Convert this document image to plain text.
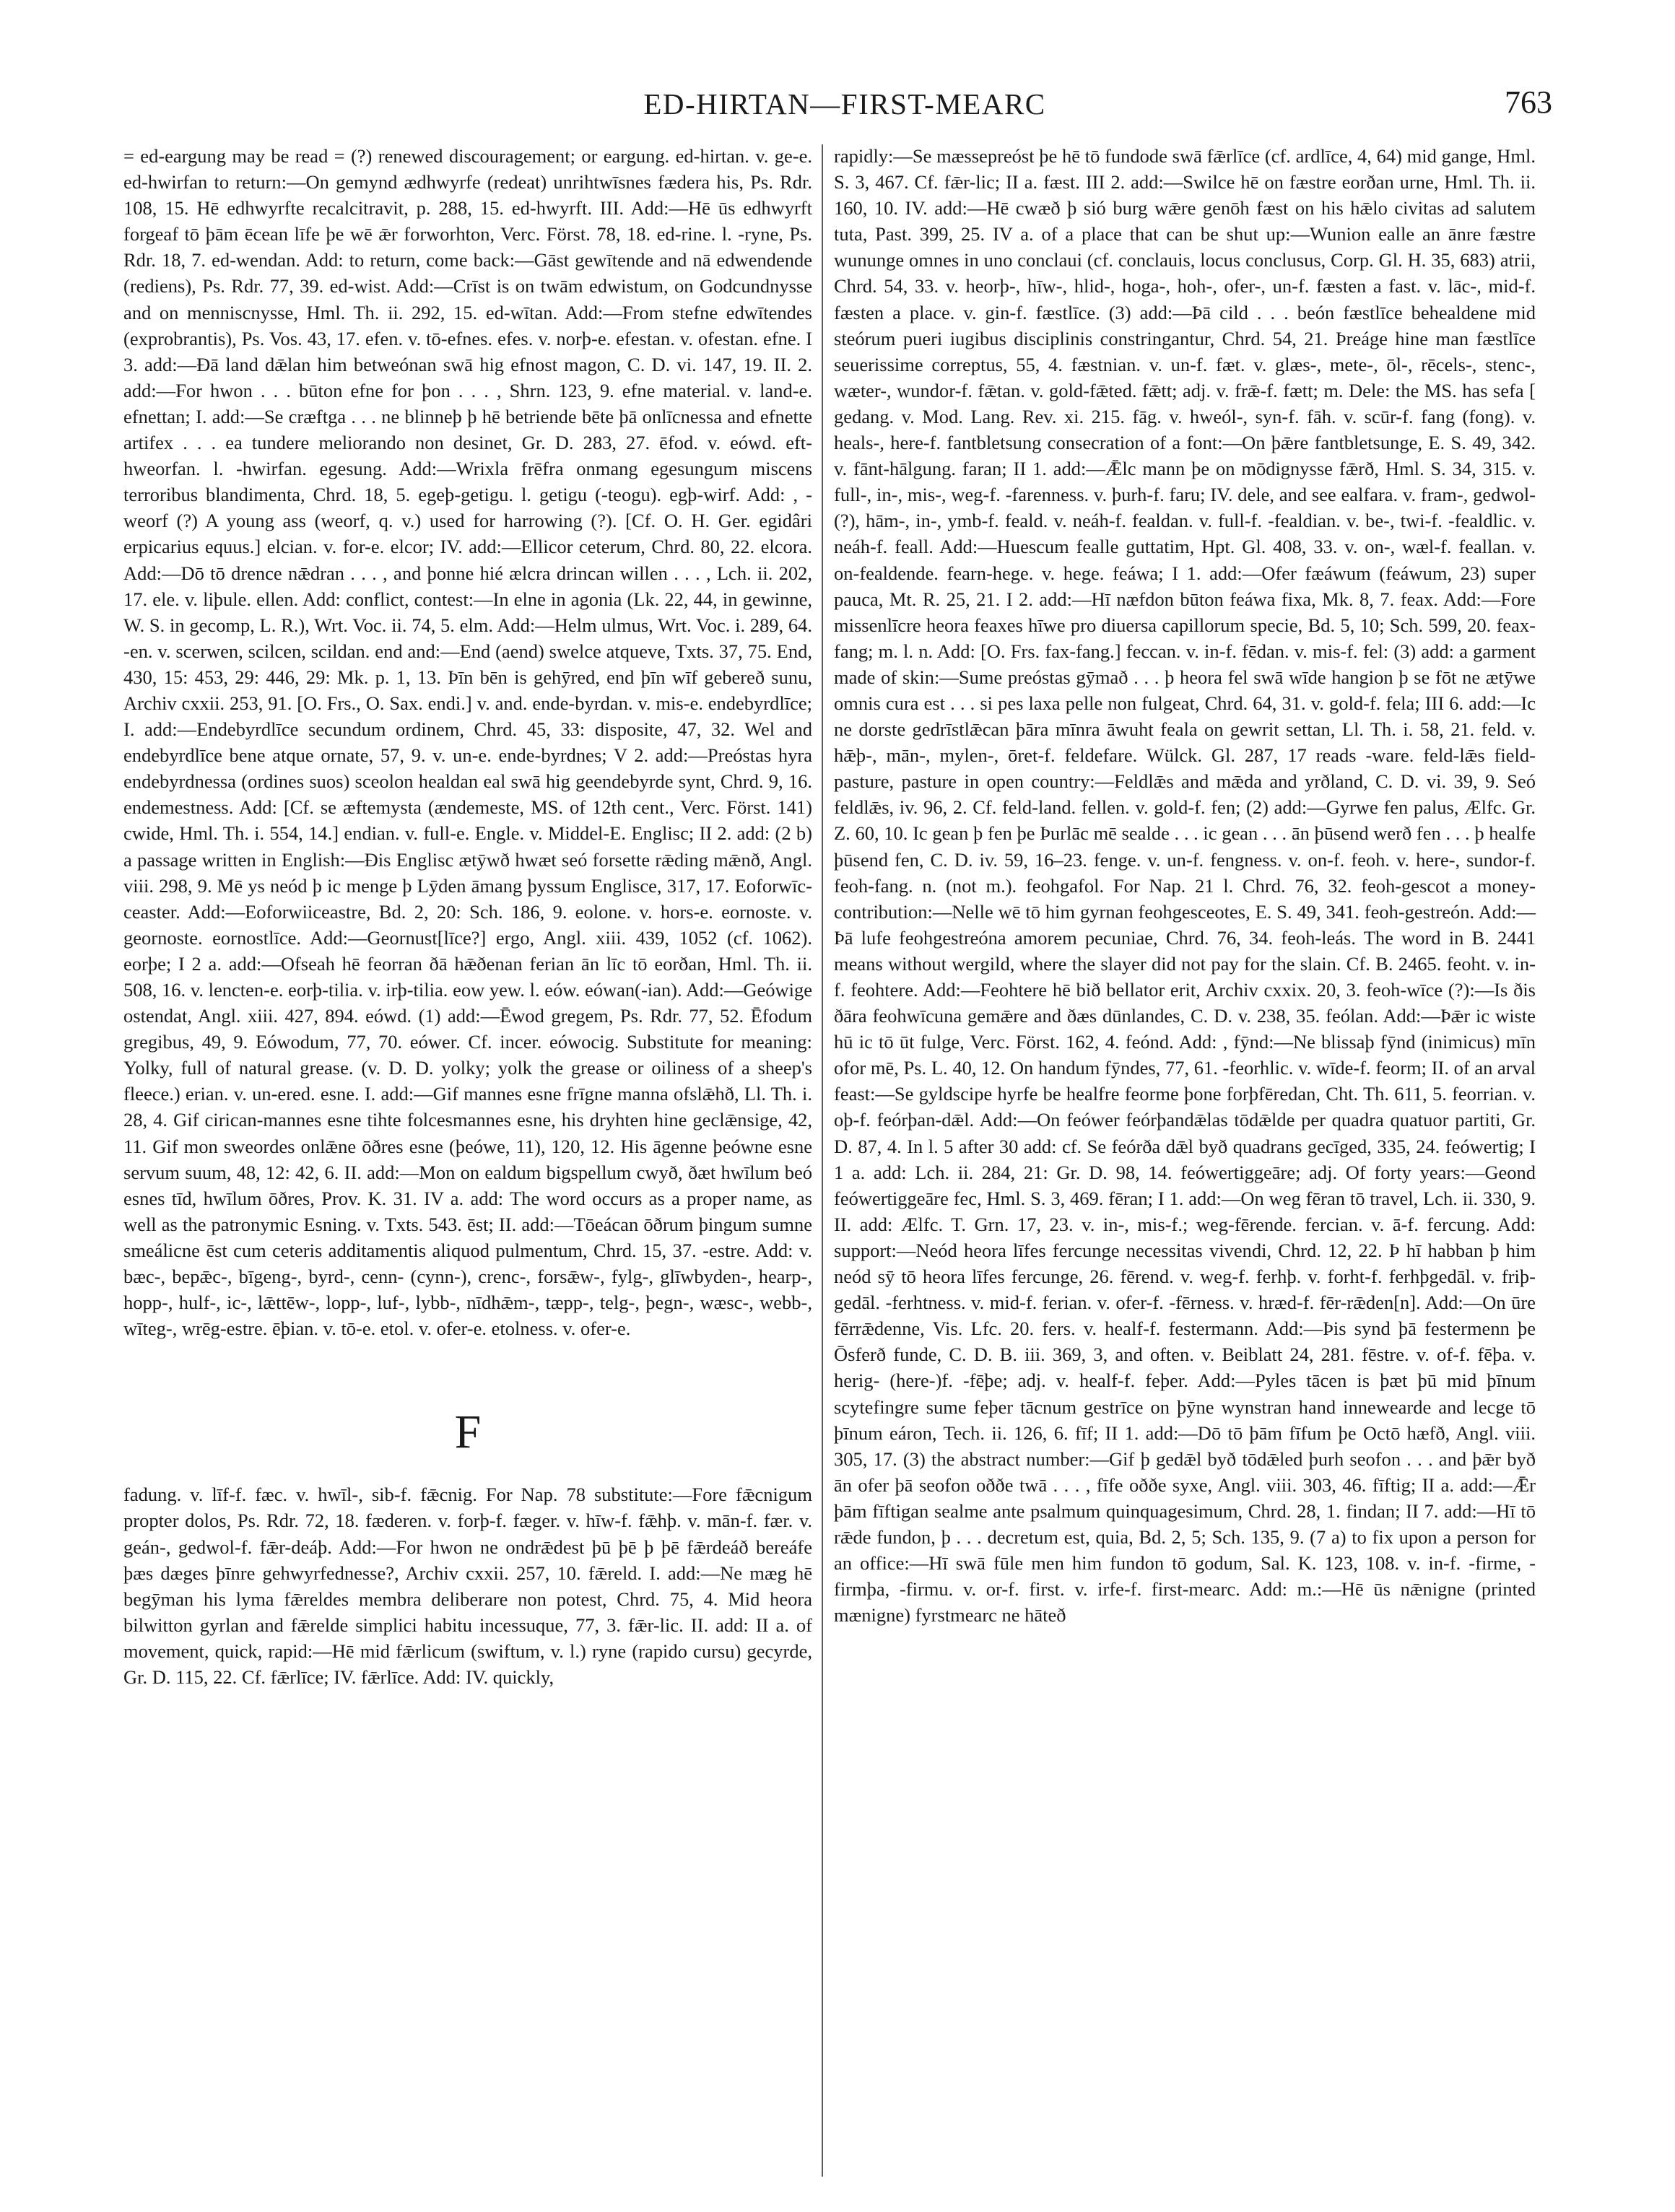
ED-HIRTAN—FIRST-MEARC	763

= ed-eargung may be read = (?) renewed discouragement; or eargung. ed-hirtan. v. ge-e. ed-hwirfan to return:—On gemynd ædhwyrfe (redeat) unrihtwīsnes fædera his, Ps. Rdr. 108, 15. Hē edhwyrfte recalcitravit, p. 288, 15. ed-hwyrft. III. Add:—Hē ūs edhwyrft forgeaf tō þām ēcean līfe þe wē ǣr forworhton, Verc. Först. 78, 18. ed-rine. l. -ryne, Ps. Rdr. 18, 7. ed-wendan. Add: to return, come back:—Gāst gewītende and nā edwendende (rediens), Ps. Rdr. 77, 39. ed-wist. Add:—Crīst is on twām edwistum, on Godcundnysse and on menniscnysse, Hml. Th. ii. 292, 15. ed-wītan. Add:—From stefne edwītendes (exprobrantis), Ps. Vos. 43, 17. efen. v. tō-efnes. efes. v. norþ-e. efestan. v. ofestan. efne. I 3. add:—Đā land dǣlan him betweónan swā hig efnost magon, C. D. vi. 147, 19. II. 2. add:—For hwon . . . būton efne for þon . . . , Shrn. 123, 9. efne material. v. land-e. efnettan; I. add:—Se cræftga . . . ne blinneþ þ hē betriende bēte þā onlīcnessa and efnette artifex . . . ea tundere meliorando non desinet, Gr. D. 283, 27. ēfod. v. eówd. eft-hweorfan. l. -hwirfan. egesung. Add:—Wrixla frēfra onmang egesungum miscens terroribus blandimenta, Chrd. 18, 5. egeþ-getigu. l. getigu (-teogu). egþ-wirf. Add: , -weorf (?) A young ass (weorf, q. v.) used for harrowing (?). [Cf. O. H. Ger. egidâri erpicarius equus.] elcian. v. for-e. elcor; IV. add:—Ellicor ceterum, Chrd. 80, 22. elcora. Add:—Dō tō drence nǣdran . . . , and þonne hié ælcra drincan willen . . . , Lch. ii. 202, 17. ele. v. liþule. ellen. Add: conflict, contest:—In elne in agonia (Lk. 22, 44, in gewinne, W. S. in gecomp, L. R.), Wrt. Voc. ii. 74, 5. elm. Add:—Helm ulmus, Wrt. Voc. i. 289, 64. -en. v. scerwen, scilcen, scildan. end and:—End (aend) swelce atqueve, Txts. 37, 75. End, 430, 15: 453, 29: 446, 29: Mk. p. 1, 13. Þīn bēn is gehȳred, end þīn wīf gebereð sunu, Archiv cxxii. 253, 91. [O. Frs., O. Sax. endi.] v. and. ende-byrdan. v. mis-e. endebyrdlīce; I. add:—Endebyrdlīce secundum ordinem, Chrd. 45, 33: disposite, 47, 32. Wel and endebyrdlīce bene atque ornate, 57, 9. v. un-e. ende-byrdnes; V 2. add:—Preóstas hyra endebyrdnessa (ordines suos) sceolon healdan eal swā hig geendebyrde synt, Chrd. 9, 16. endemestness. Add: [Cf. se æftemysta (ændemeste, MS. of 12th cent., Verc. Först. 141) cwide, Hml. Th. i. 554, 14.] endian. v. full-e. Engle. v. Middel-E. Englisc; II 2. add: (2 b) a passage written in English:—Đis Englisc ætȳwð hwæt seó forsette rǣding mǣnð, Angl. viii. 298, 9. Mē ys neód þ ic menge þ Lȳden āmang þyssum Englisce, 317, 17. Eoforwīc-ceaster. Add:—Eoforwiiceastre, Bd. 2, 20: Sch. 186, 9. eolone. v. hors-e. eornoste. v. geornoste. eornostlīce. Add:—Geornust[līce?] ergo, Angl. xiii. 439, 1052 (cf. 1062). eorþe; I 2 a. add:—Ofseah hē feorran ðā hǣðenan ferian ān līc tō eorðan, Hml. Th. ii. 508, 16. v. lencten-e. eorþ-tilia. v. irþ-tilia. eow yew. l. eów. eówan(-ian). Add:—Geówige ostendat, Angl. xiii. 427, 894. eówd. (1) add:—Ēwod gregem, Ps. Rdr. 77, 52. Ēfodum gregibus, 49, 9. Eówodum, 77, 70. eówer. Cf. incer. eówocig. Substitute for meaning: Yolky, full of natural grease. (v. D. D. yolky; yolk the grease or oiliness of a sheep's fleece.) erian. v. un-ered. esne. I. add:—Gif mannes esne frīgne manna ofslǣhð, Ll. Th. i. 28, 4. Gif cirican-mannes esne tihte folcesmannes esne, his dryhten hine geclǣnsige, 42, 11. Gif mon sweordes onlǣne ōðres esne (þeówe, 11), 120, 12. His āgenne þeówne esne servum suum, 48, 12: 42, 6. II. add:—Mon on ealdum bigspellum cwyð, ðæt hwīlum beó esnes tīd, hwīlum ōðres, Prov. K. 31. IV a. add: The word occurs as a proper name, as well as the patronymic Esning. v. Txts. 543. ēst; II. add:—Tōeácan ōðrum þingum sumne smeálicne ēst cum ceteris additamentis aliquod pulmentum, Chrd. 15, 37. -estre. Add: v. bæc-, bepǣc-, bīgeng-, byrd-, cenn- (cynn-), crenc-, forsǣw-, fylg-, glīwbyden-, hearp-, hopp-, hulf-, ic-, lǣttēw-, lopp-, luf-, lybb-, nīdhǣm-, tæpp-, telg-, þegn-, wæsc-, webb-, wīteg-, wrēg-estre. ēþian. v. tō-e. etol. v. ofer-e. etolness. v. ofer-e.

F

fadung. v. līf-f. fæc. v. hwīl-, sib-f. fǣcnig. For Nap. 78 substitute:—Fore fǣcnigum propter dolos, Ps. Rdr. 72, 18. fæderen. v. forþ-f. fæger. v. hīw-f. fǣhþ. v. mān-f. fær. v. geán-, gedwol-f. fǣr-deáþ. Add:—For hwon ne ondrǣdest þū þē þ þē fǣrdeáð bereáfe þæs dæges þīnre gehwyrfednesse?, Archiv cxxii. 257, 10. fǣreld. I. add:—Ne mæg hē begȳman his lyma fǣreldes membra deliberare non potest, Chrd. 75, 4. Mid heora bilwitton gyrlan and fǣrelde simplici habitu incessuque, 77, 3. fǣr-lic. II. add: II a. of movement, quick, rapid:—Hē mid fǣrlicum (swiftum, v. l.) ryne (rapido cursu) gecyrde, Gr. D. 115, 22. Cf. fǣrlīce; IV. fǣrlīce. Add: IV. quickly,

rapidly:—Se mæssepreóst þe hē tō fundode swā fǣrlīce (cf. ardlīce, 4, 64) mid gange, Hml. S. 3, 467. Cf. fǣr-lic; II a. fæst. III 2. add:—Swilce hē on fæstre eorðan urne, Hml. Th. ii. 160, 10. IV. add:—Hē cwæð þ sió burg wǣre genōh fæst on his hǣlo civitas ad salutem tuta, Past. 399, 25. IV a. of a place that can be shut up:—Wunion ealle an ānre fæstre wununge omnes in uno conclaui (cf. conclauis, locus conclusus, Corp. Gl. H. 35, 683) atrii, Chrd. 54, 33. v. heorþ-, hīw-, hlid-, hoga-, hoh-, ofer-, un-f. fæsten a fast. v. lāc-, mid-f. fæsten a place. v. gin-f. fæstlīce. (3) add:—Þā cild . . . beón fæstlīce behealdene mid steórum pueri iugibus disciplinis constringantur, Chrd. 54, 21. Þreáge hine man fæstlīce seuerissime correptus, 55, 4. fæstnian. v. un-f. fæt. v. glæs-, mete-, ōl-, rēcels-, stenc-, wæter-, wundor-f. fǣtan. v. gold-fǣted. fǣtt; adj. v. frǣ-f. fætt; m. Dele: the MS. has sefa [ gedang. v. Mod. Lang. Rev. xi. 215. fāg. v. hweól-, syn-f. fāh. v. scūr-f. fang (fong). v. heals-, here-f. fantbletsung consecration of a font:—On þǣre fantbletsunge, E. S. 49, 342. v. fānt-hālgung. faran; II 1. add:—Ǣlc mann þe on mōdignysse fǣrð, Hml. S. 34, 315. v. full-, in-, mis-, weg-f. -farenness. v. þurh-f. faru; IV. dele, and see ealfara. v. fram-, gedwol- (?), hām-, in-, ymb-f. feald. v. neáh-f. fealdan. v. full-f. -fealdian. v. be-, twi-f. -fealdlic. v. neáh-f. feall. Add:—Huescum fealle guttatim, Hpt. Gl. 408, 33. v. on-, wæl-f. feallan. v. on-fealdende. fearn-hege. v. hege. feáwa; I 1. add:—Ofer fæáwum (feáwum, 23) super pauca, Mt. R. 25, 21. I 2. add:—Hī næfdon būton feáwa fixa, Mk. 8, 7. feax. Add:—Fore missenlīcre heora feaxes hīwe pro diuersa capillorum specie, Bd. 5, 10; Sch. 599, 20. feax-fang; m. l. n. Add: [O. Frs. fax-fang.] feccan. v. in-f. fēdan. v. mis-f. fel: (3) add: a garment made of skin:—Sume preóstas gȳmað . . . þ heora fel swā wīde hangion þ se fōt ne ætȳwe omnis cura est . . . si pes laxa pelle non fulgeat, Chrd. 64, 31. v. gold-f. fela; III 6. add:—Ic ne dorste gedrīstlǣcan þāra mīnra āwuht feala on gewrit settan, Ll. Th. i. 58, 21. feld. v. hǣþ-, mān-, mylen-, ōret-f. feldefare. Wülck. Gl. 287, 17 reads -ware. feld-lǣs field-pasture, pasture in open country:—Feldlǣs and mǣda and yrðland, C. D. vi. 39, 9. Seó feldlǣs, iv. 96, 2. Cf. feld-land. fellen. v. gold-f. fen; (2) add:—Gyrwe fen palus, Ælfc. Gr. Z. 60, 10. Ic gean þ fen þe Þurlāc mē sealde . . . ic gean . . . ān þūsend werð fen . . . þ healfe þūsend fen, C. D. iv. 59, 16–23. fenge. v. un-f. fengness. v. on-f. feoh. v. here-, sundor-f. feoh-fang. n. (not m.). feohgafol. For Nap. 21 l. Chrd. 76, 32. feoh-gescot a money-contribution:—Nelle wē tō him gyrnan feohgesceotes, E. S. 49, 341. feoh-gestreón. Add:—Þā lufe feohgestreóna amorem pecuniae, Chrd. 76, 34. feoh-leás. The word in B. 2441 means without wergild, where the slayer did not pay for the slain. Cf. B. 2465. feoht. v. in-f. feohtere. Add:—Feohtere hē bið bellator erit, Archiv cxxix. 20, 3. feoh-wīce (?):—Is ðis ðāra feohwīcuna gemǣre and ðæs dūnlandes, C. D. v. 238, 35. feólan. Add:—Þǣr ic wiste hū ic tō ūt fulge, Verc. Först. 162, 4. feónd. Add: , fȳnd:—Ne blissaþ fȳnd (inimicus) mīn ofor mē, Ps. L. 40, 12. On handum fȳndes, 77, 61. -feorhlic. v. wīde-f. feorm; II. of an arval feast:—Se gyldscipe hyrfe be healfre feorme þone forþfēredan, Cht. Th. 611, 5. feorrian. v. oþ-f. feórþan-dǣl. Add:—On feówer feórþandǣlas tōdǣlde per quadra quatuor partiti, Gr. D. 87, 4. In l. 5 after 30 add: cf. Se feórða dǣl byð quadrans gecīged, 335, 24. feówertig; I 1 a. add: Lch. ii. 284, 21: Gr. D. 98, 14. feówertiggeāre; adj. Of forty years:—Geond feówertiggeāre fec, Hml. S. 3, 469. fēran; I 1. add:—On weg fēran tō travel, Lch. ii. 330, 9. II. add: Ælfc. T. Grn. 17, 23. v. in-, mis-f.; weg-fērende. fercian. v. ā-f. fercung. Add: support:—Neód heora līfes fercunge necessitas vivendi, Chrd. 12, 22. Þ hī habban þ him neód sȳ tō heora līfes fercunge, 26. fērend. v. weg-f. ferhþ. v. forht-f. ferhþgedāl. v. friþ-gedāl. -ferhtness. v. mid-f. ferian. v. ofer-f. -fērness. v. hræd-f. fēr-rǣden[n]. Add:—On ūre fērrǣdenne, Vis. Lfc. 20. fers. v. healf-f. festermann. Add:—Þis synd þā festermenn þe Ōsferð funde, C. D. B. iii. 369, 3, and often. v. Beiblatt 24, 281. fēstre. v. of-f. fēþa. v. herig- (here-)f. -fēþe; adj. v. healf-f. feþer. Add:—Pyles tācen is þæt þū mid þīnum scytefingre sume feþer tācnum gestrīce on þȳne wynstran hand innewearde and lecge tō þīnum eáron, Tech. ii. 126, 6. fīf; II 1. add:—Dō tō þām fīfum þe Octō hæfð, Angl. viii. 305, 17. (3) the abstract number:—Gif þ gedǣl byð tōdǣled þurh seofon . . . and þǣr byð ān ofer þā seofon oððe twā . . . , fīfe oððe syxe, Angl. viii. 303, 46. fīftig; II a. add:—Ǣr þām fīftigan sealme ante psalmum quinquagesimum, Chrd. 28, 1. findan; II 7. add:—Hī tō rǣde fundon, þ . . . decretum est, quia, Bd. 2, 5; Sch. 135, 9. (7 a) to fix upon a person for an office:—Hī swā fūle men him fundon tō godum, Sal. K. 123, 108. v. in-f. -firme, -firmþa, -firmu. v. or-f. first. v. irfe-f. first-mearc. Add: m.:—Hē ūs nǣnigne (printed mænigne) fyrstmearc ne hāteð
